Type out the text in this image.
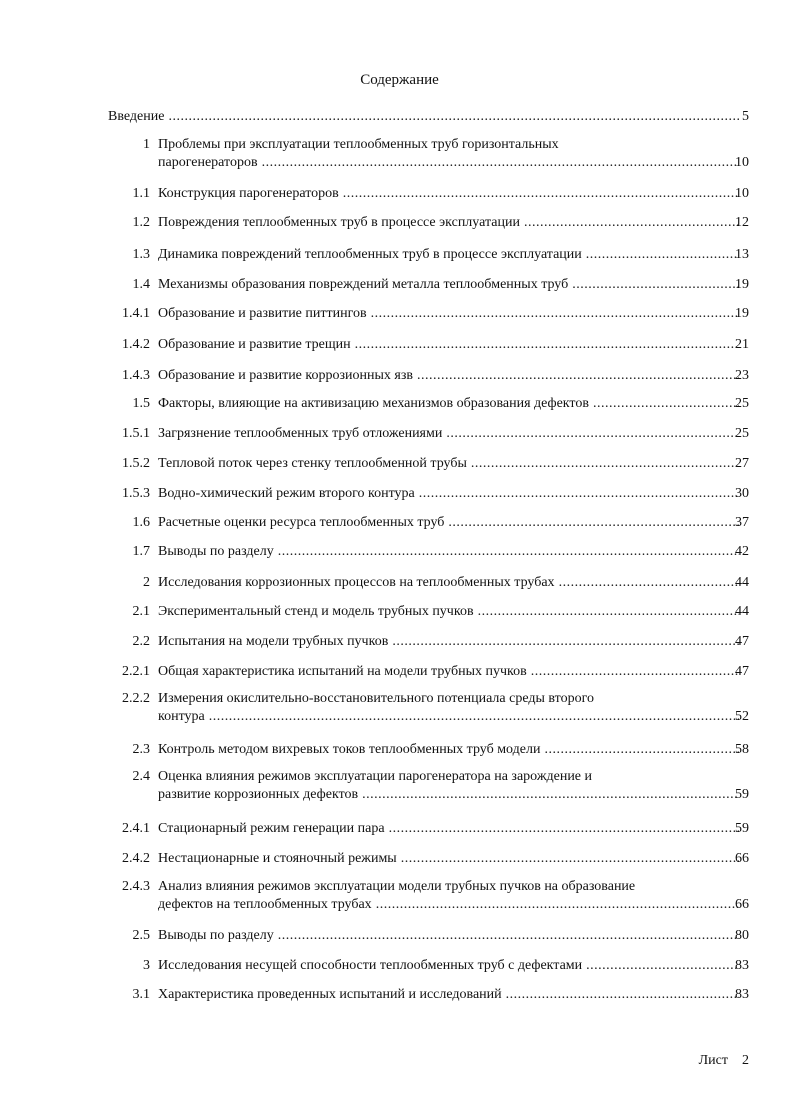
Содержание
Введение .....	5
1 Проблемы при эксплуатации теплообменных труб горизонтальных
парогенераторов .....	10
1.1 Конструкция парогенераторов .....	10
1.2 Повреждения теплообменных труб в процессе эксплуатации .....	12
1.3 Динамика повреждений теплообменных труб в процессе эксплуатации .....	13
1.4 Механизмы образования повреждений металла теплообменных труб .....	19
1.4.1 Образование и развитие питтингов .....	19
1.4.2 Образование и развитие трещин .....	21
1.4.3 Образование и развитие коррозионных язв .....	23
1.5 Факторы, влияющие на активизацию механизмов образования дефектов .....	25
1.5.1 Загрязнение теплообменных труб отложениями .....	25
1.5.2 Тепловой поток через стенку теплообменной трубы .....	27
1.5.3 Водно-химический режим второго контура .....	30
1.6 Расчетные оценки ресурса теплообменных труб .....	37
1.7 Выводы по разделу .....	42
2 Исследования коррозионных процессов на теплообменных трубах .....	44
2.1 Экспериментальный стенд и модель трубных пучков .....	44
2.2 Испытания на модели трубных пучков .....	47
2.2.1 Общая характеристика испытаний на модели трубных пучков .....	47
2.2.2 Измерения окислительно-восстановительного потенциала среды второго
контура .....	52
2.3 Контроль методом вихревых токов теплообменных труб модели .....	58
2.4 Оценка влияния режимов эксплуатации парогенератора на зарождение и
развитие коррозионных дефектов .....	59
2.4.1 Стационарный режим генерации пара .....	59
2.4.2 Нестационарные и стояночный режимы .....	66
2.4.3 Анализ влияния режимов эксплуатации модели трубных пучков на образование
дефектов на теплообменных трубах .....	66
2.5 Выводы по разделу .....	80
3 Исследования несущей способности теплообменных труб с дефектами .....	83
3.1 Характеристика проведенных испытаний и исследований .....	83
Лист 2
